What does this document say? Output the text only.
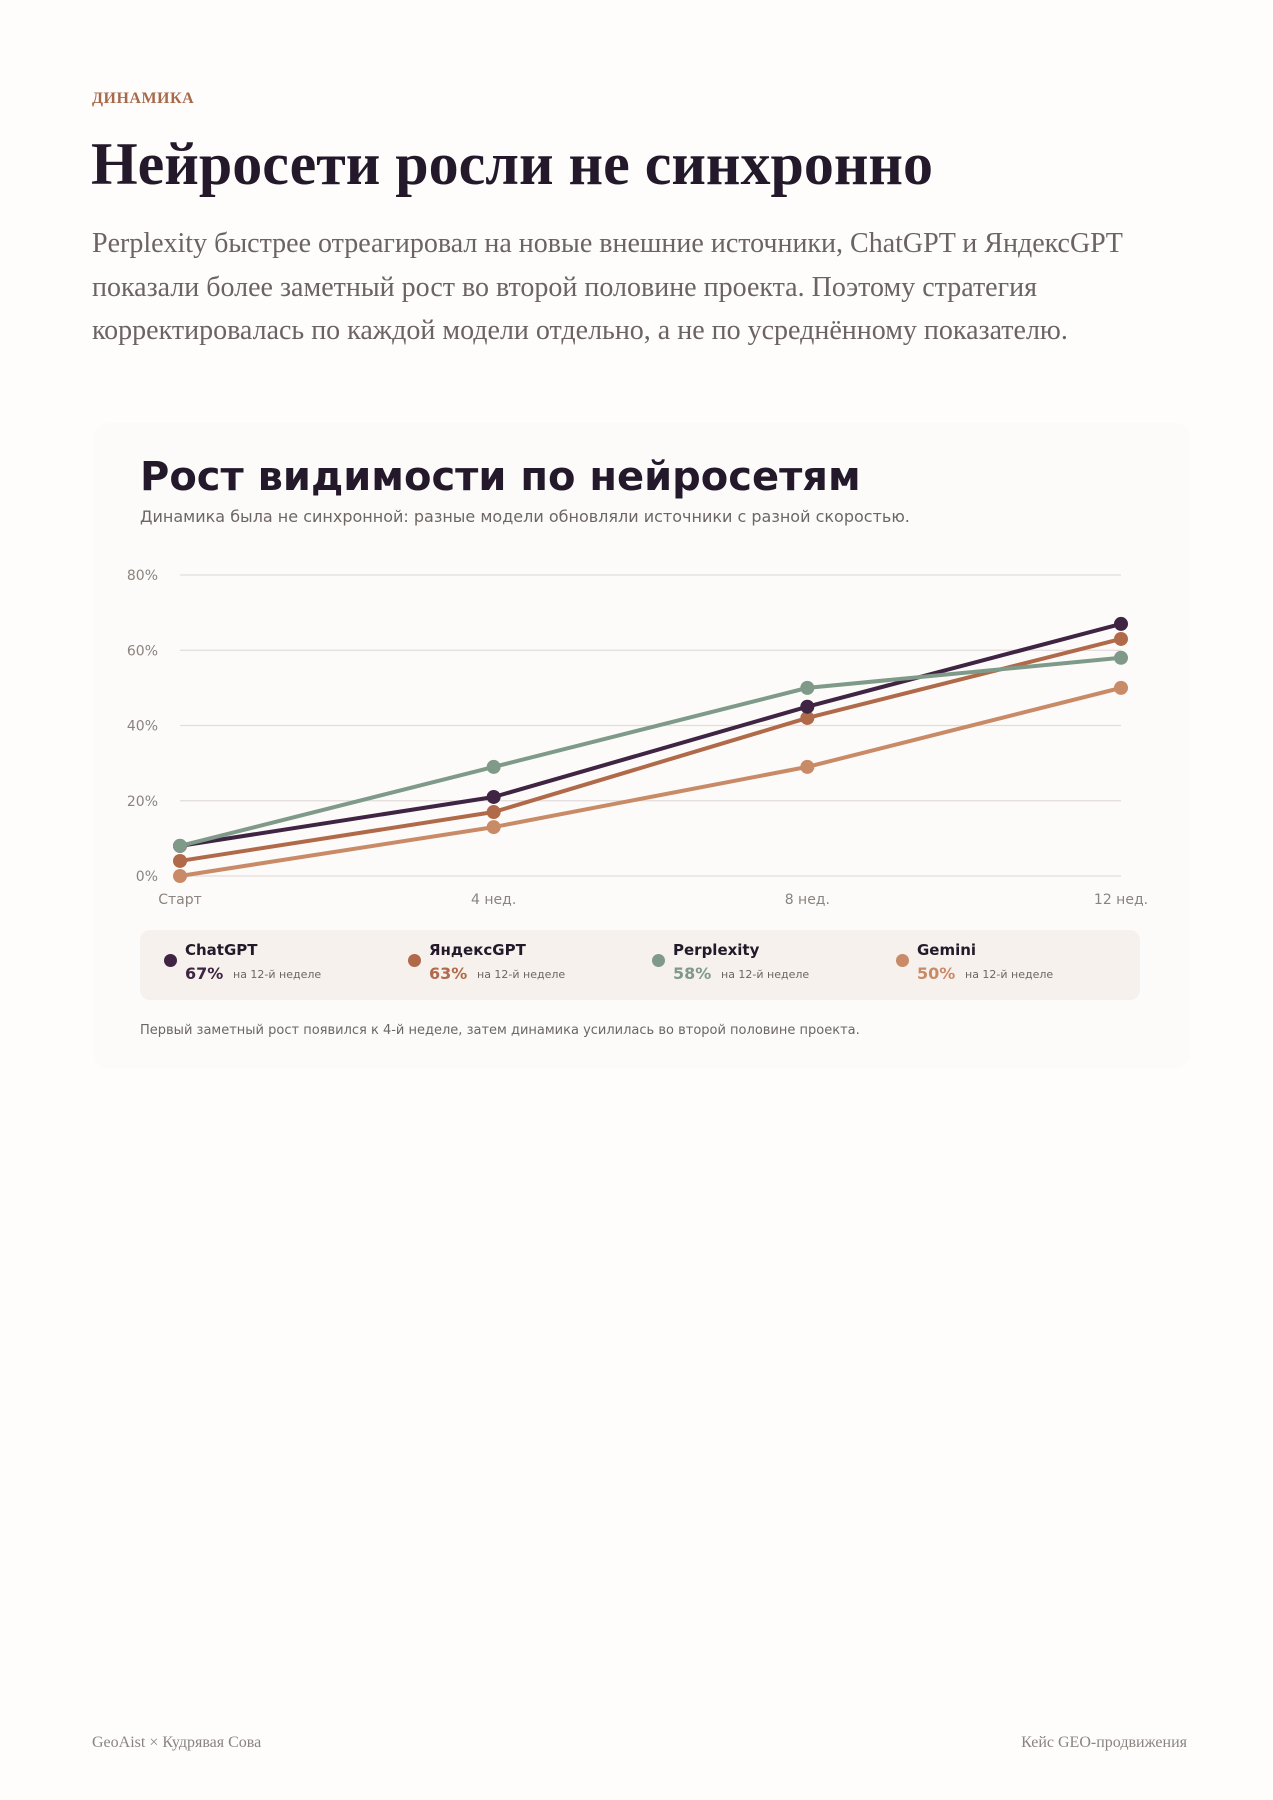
ДИНАМИКА
Нейросети росли не синхронно

Perplexity быстрее отреагировал на новые внешние источники, ChatGPT и ЯндексGPT показали более заметный рост во второй половине проекта. Поэтому стратегия корректировалась по каждой модели отдельно, а не по усреднённому показателю.

Рост видимости по нейросетям
Динамика была не синхронной: разные модели обновляли источники с разной скоростью.
0%
20%
40%
60%
80%
Старт	4 нед.	8 нед.	12 нед.
ChatGPT
67% на 12-й неделе
ЯндексGPT
63% на 12-й неделе
Perplexity
58% на 12-й неделе
Gemini
50% на 12-й неделе
Первый заметный рост появился к 4-й неделе, затем динамика усилилась во второй половине проекта.
GeoAist × Кудрявая Сова	Кейс GEO-продвижения
